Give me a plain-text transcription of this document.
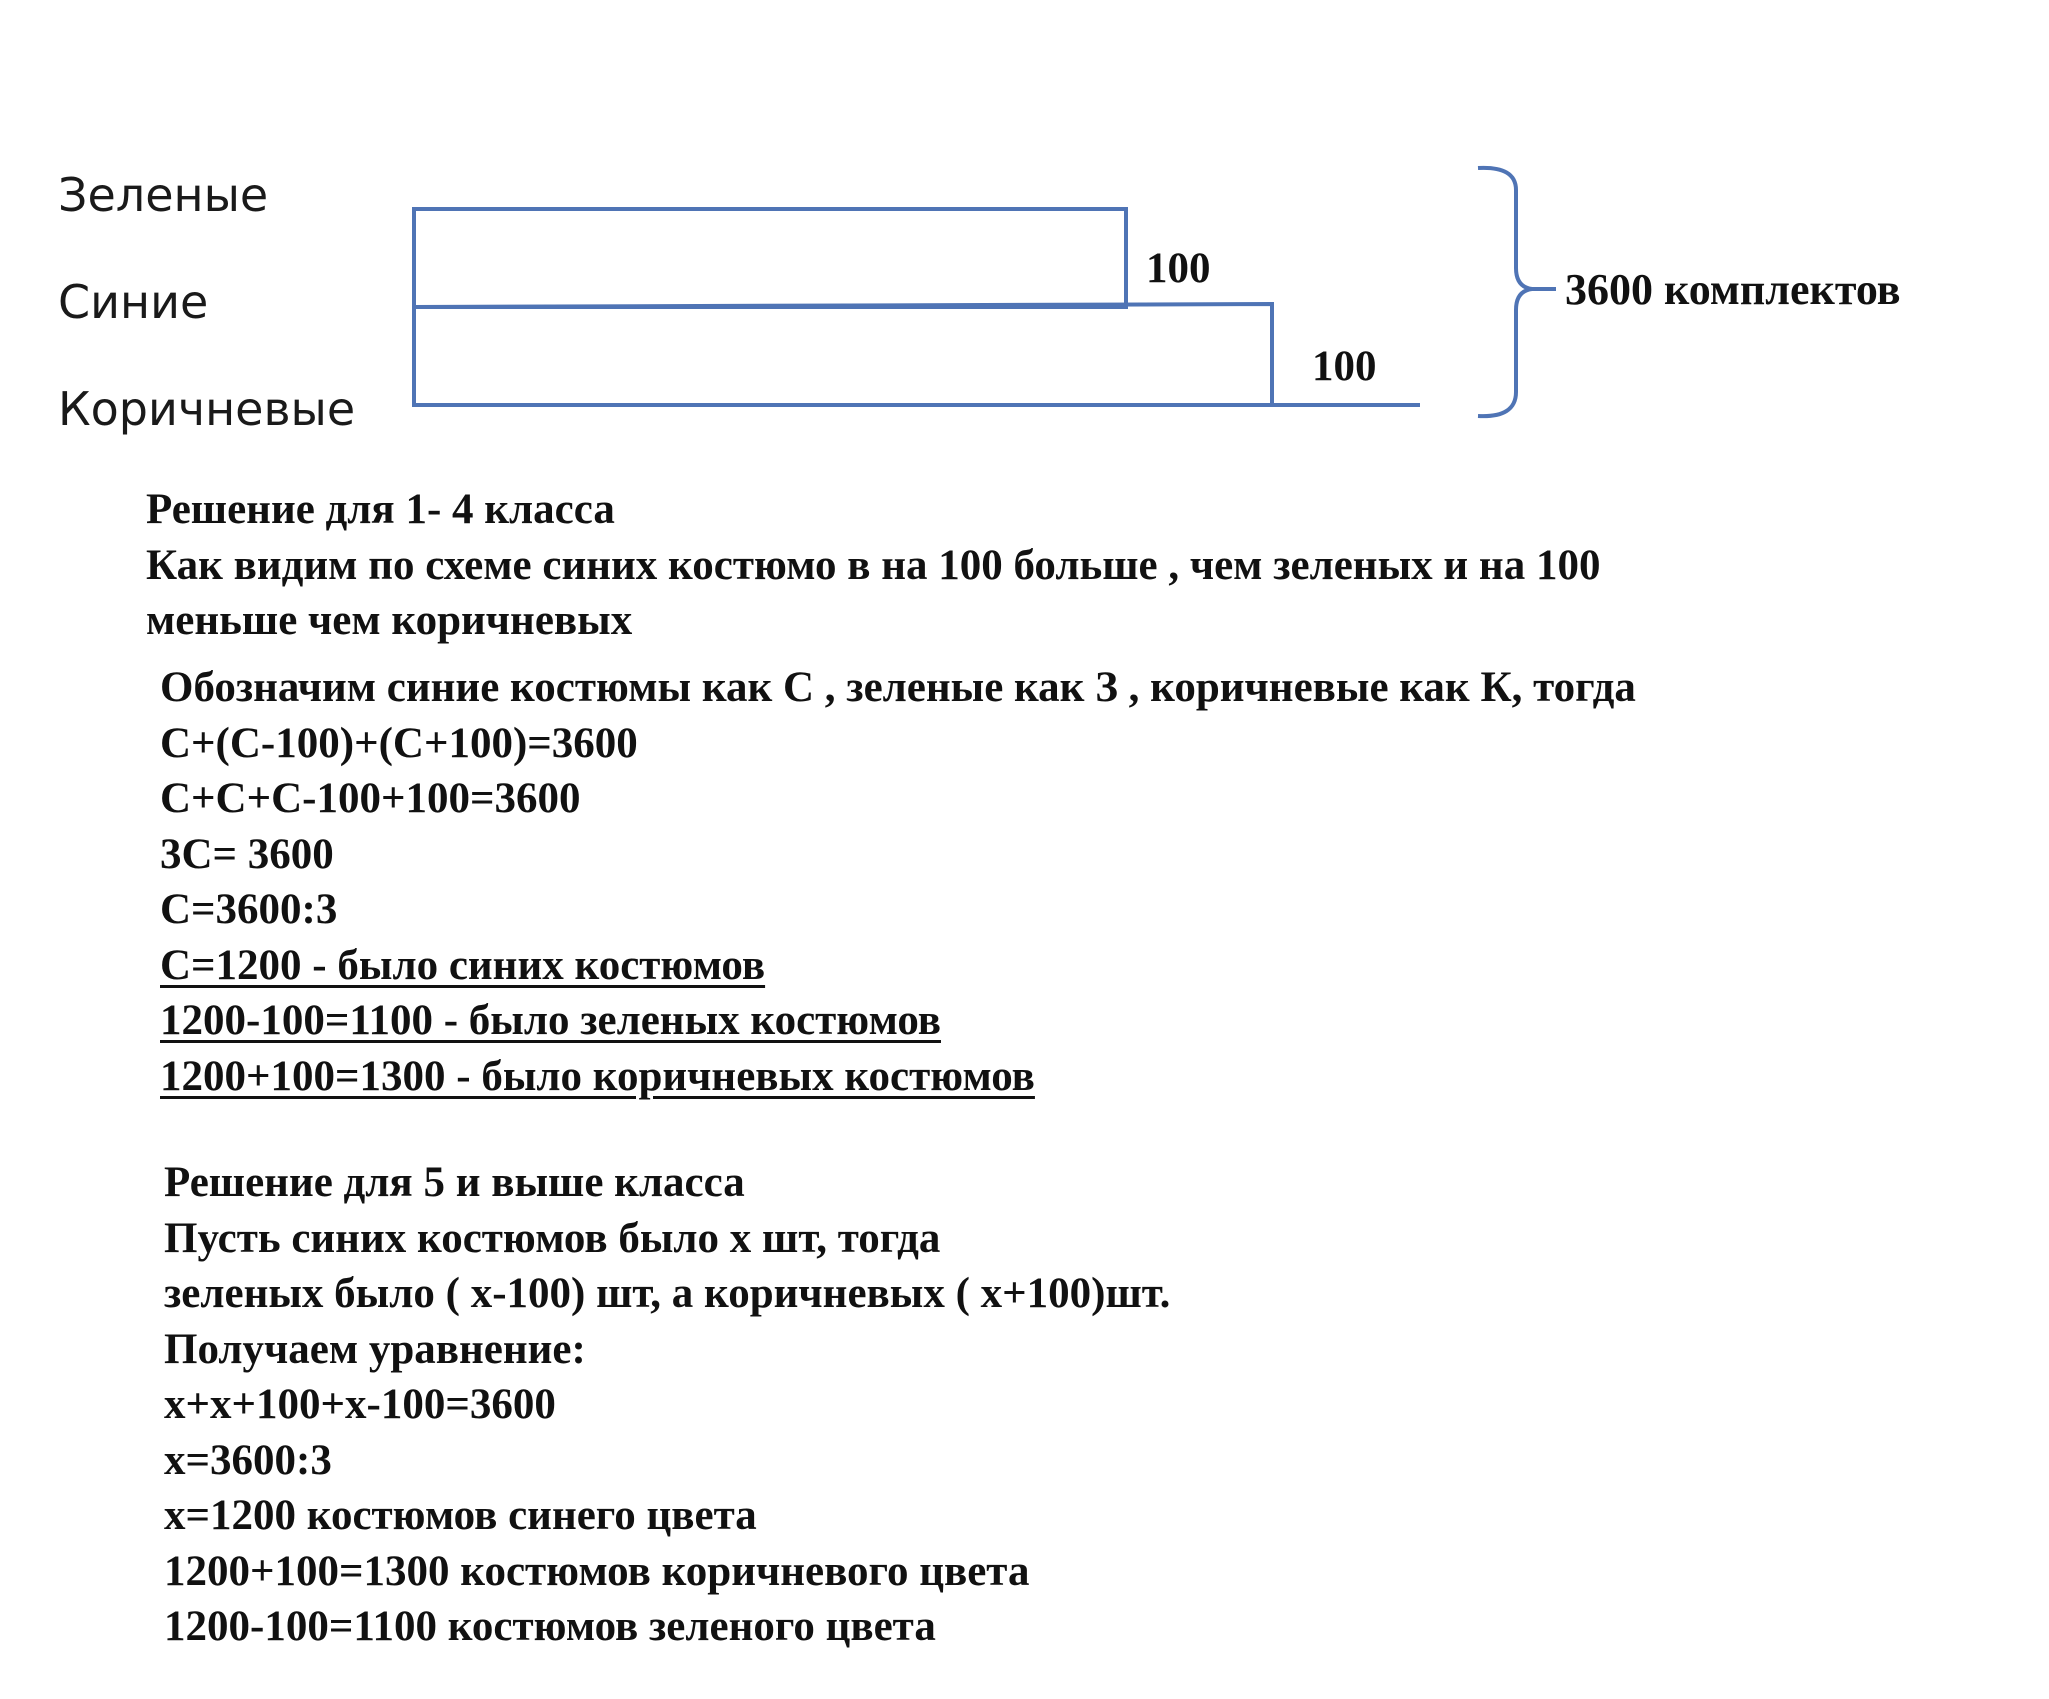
Зеленые
Синие
Коричневые
100
100
3600 комплектов
Решение для 1- 4 класса
Как видим по схеме синих костюмо в на 100 больше , чем зеленых и на 100
меньше чем коричневых
Обозначим синие костюмы как С , зеленые как З , коричневые как К, тогда
С+(С-100)+(С+100)=3600
С+С+С-100+100=3600
3С= 3600
С=3600:3
С=1200 - было синих костюмов
1200-100=1100 - было зеленых костюмов
1200+100=1300 - было коричневых костюмов
Решение для 5 и выше класса
Пусть синих костюмов было х шт, тогда
зеленых было ( х-100) шт, а коричневых ( х+100)шт.
Получаем уравнение:
х+х+100+х-100=3600
х=3600:3
х=1200 костюмов синего цвета
1200+100=1300 костюмов коричневого цвета
1200-100=1100 костюмов зеленого цвета
